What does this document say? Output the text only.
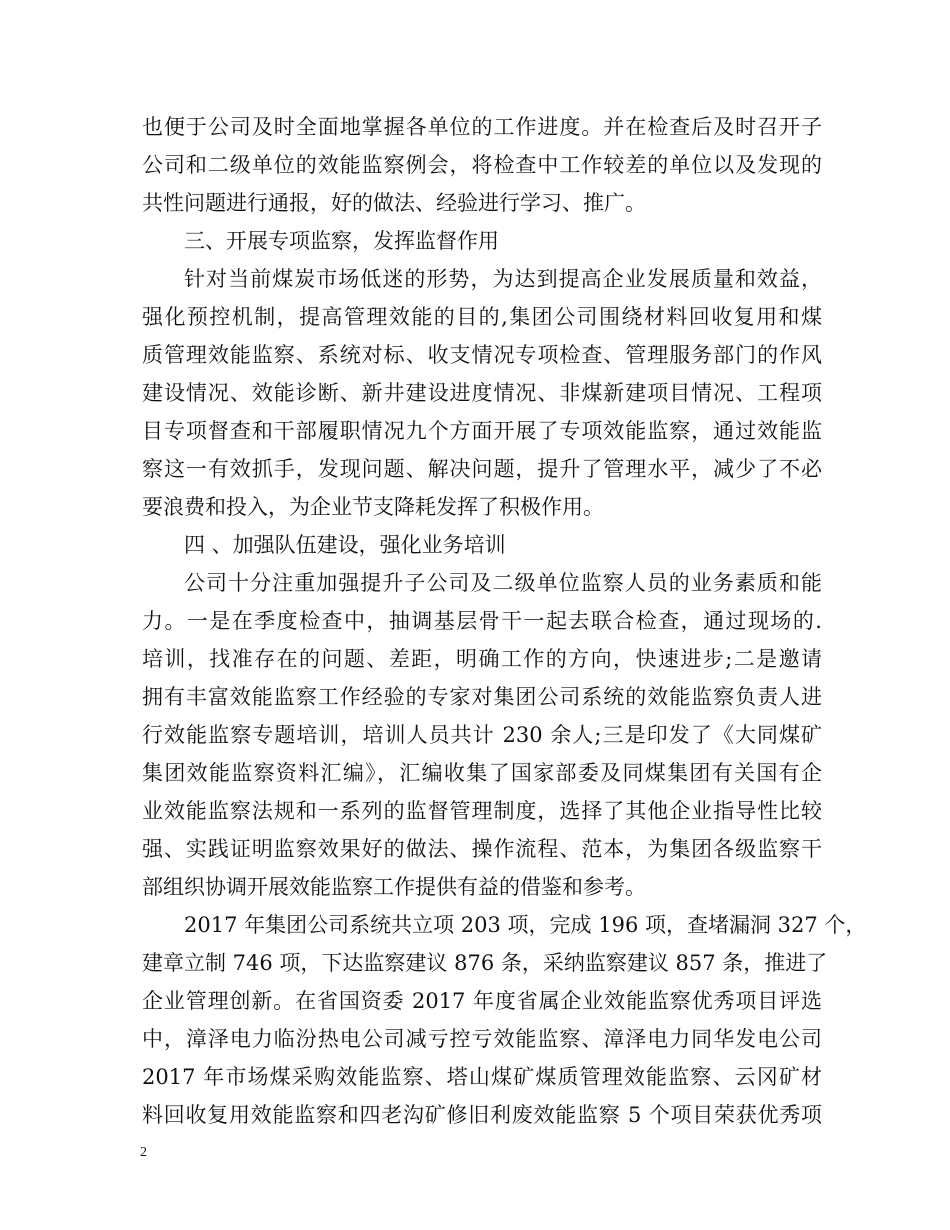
也便于公司及时全面地掌握各单位的工作进度。并在检查后及时召开子
公司和二级单位的效能监察例会，将检查中工作较差的单位以及发现的
共性问题进行通报，好的做法、经验进行学习、推广。
三、开展专项监察，发挥监督作用
针对当前煤炭市场低迷的形势，为达到提高企业发展质量和效益，
强化预控机制，提高管理效能的目的,集团公司围绕材料回收复用和煤
质管理效能监察、系统对标、收支情况专项检查、管理服务部门的作风
建设情况、效能诊断、新井建设进度情况、非煤新建项目情况、工程项
目专项督查和干部履职情况九个方面开展了专项效能监察，通过效能监
察这一有效抓手，发现问题、解决问题，提升了管理水平，减少了不必
要浪费和投入，为企业节支降耗发挥了积极作用。
四 、加强队伍建设，强化业务培训
公司十分注重加强提升子公司及二级单位监察人员的业务素质和能
力。一是在季度检查中，抽调基层骨干一起去联合检查，通过现场的.
培训，找准存在的问题、差距，明确工作的方向，快速进步;二是邀请
拥有丰富效能监察工作经验的专家对集团公司系统的效能监察负责人进
行效能监察专题培训，培训人员共计 230 余人;三是印发了《大同煤矿
集团效能监察资料汇编》，汇编收集了国家部委及同煤集团有关国有企
业效能监察法规和一系列的监督管理制度，选择了其他企业指导性比较
强、实践证明监察效果好的做法、操作流程、范本，为集团各级监察干
部组织协调开展效能监察工作提供有益的借鉴和参考。
2017 年集团公司系统共立项 203 项，完成 196 项，查堵漏洞 327 个，
建章立制 746 项，下达监察建议 876 条，采纳监察建议 857 条，推进了
企业管理创新。在省国资委 2017 年度省属企业效能监察优秀项目评选
中，漳泽电力临汾热电公司减亏控亏效能监察、漳泽电力同华发电公司
2017 年市场煤采购效能监察、塔山煤矿煤质管理效能监察、云冈矿材
料回收复用效能监察和四老沟矿修旧利废效能监察 5 个项目荣获优秀项
2
